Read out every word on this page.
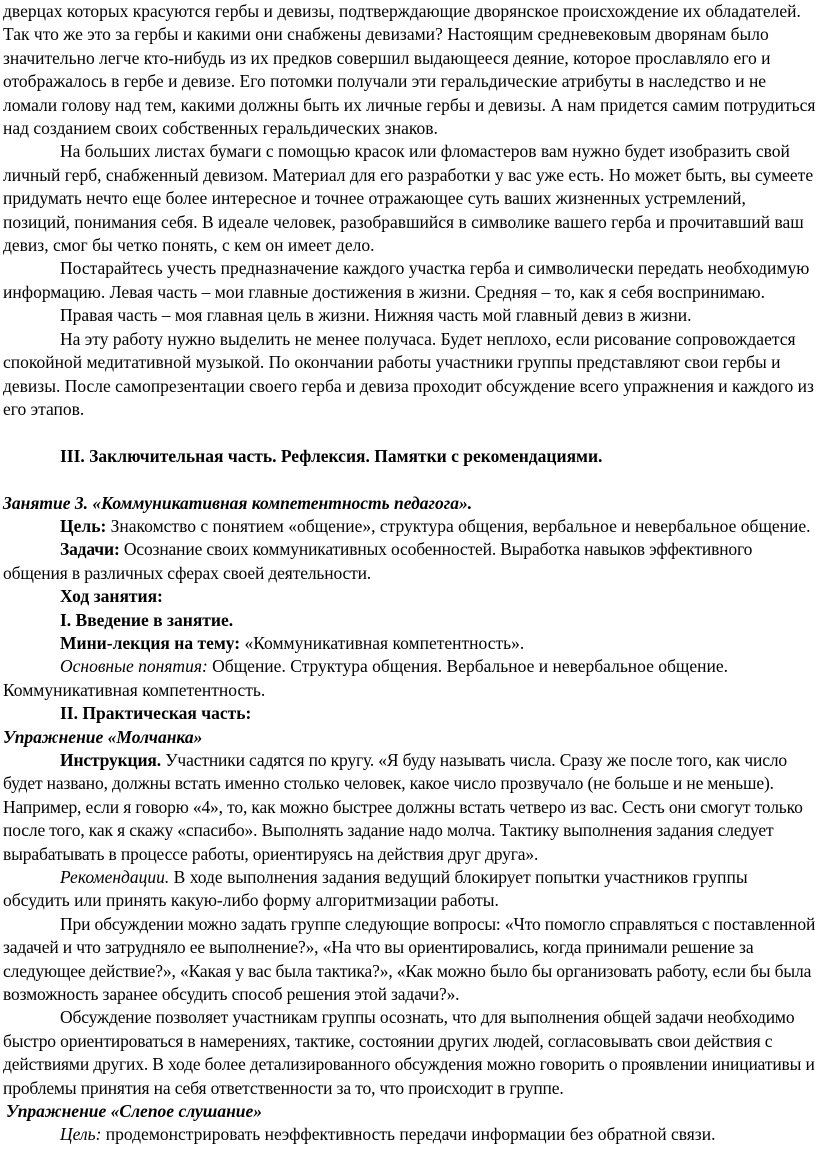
дверцах которых красуются гербы и девизы, подтверждающие дворянское происхождение их обладателей. Так что же это за гербы и какими они снабжены девизами? Настоящим средневековым дворянам было значительно легче кто-нибудь из их предков совершил выдающееся деяние, которое прославляло его и отображалось в гербе и девизе. Его потомки получали эти геральдические атрибуты в наследство и не ломали голову над тем, какими должны быть их личные гербы и девизы. А нам придется самим потрудиться над созданием своих собственных геральдических знаков.

На больших листах бумаги с помощью красок или фломастеров вам нужно будет изобразить свой личный герб, снабженный девизом. Материал для его разработки у вас уже есть. Но может быть, вы сумеете придумать нечто еще более интересное и точнее отражающее суть ваших жизненных устремлений, позиций, понимания себя. В идеале человек, разобравшийся в символике вашего герба и прочитавший ваш девиз, смог бы четко понять, с кем он имеет дело.

Постарайтесь учесть предназначение каждого участка герба и символически передать необходимую информацию. Левая часть – мои главные достижения в жизни. Средняя – то, как я себя воспринимаю.

Правая часть – моя главная цель в жизни. Нижняя часть мой главный девиз в жизни.

На эту работу нужно выделить не менее получаса. Будет неплохо, если рисование сопровождается спокойной медитативной музыкой. По окончании работы участники группы представляют свои гербы и девизы. После самопрезентации своего герба и девиза проходит обсуждение всего упражнения и каждого из его этапов.

III. Заключительная часть. Рефлексия. Памятки с рекомендациями.

Занятие 3. «Коммуникативная компетентность педагога».

Цель: Знакомство с понятием «общение», структура общения, вербальное и невербальное общение.

Задачи: Осознание своих коммуникативных особенностей. Выработка навыков эффективного общения в различных сферах своей деятельности.

Ход занятия:

I. Введение в занятие.

Мини-лекция на тему: «Коммуникативная компетентность».

Основные понятия: Общение. Структура общения. Вербальное и невербальное общение. Коммуникативная компетентность.

II. Практическая часть:

Упражнение «Молчанка»

Инструкция. Участники садятся по кругу. «Я буду называть числа. Сразу же после того, как число будет названо, должны встать именно столько человек, какое число прозвучало (не больше и не меньше). Например, если я говорю «4», то, как можно быстрее должны встать четверо из вас. Сесть они смогут только после того, как я скажу «спасибо». Выполнять задание надо молча. Тактику выполнения задания следует вырабатывать в процессе работы, ориентируясь на действия друг друга».

Рекомендации. В ходе выполнения задания ведущий блокирует попытки участников группы обсудить или принять какую-либо форму алгоритмизации работы.

При обсуждении можно задать группе следующие вопросы: «Что помогло справляться с поставленной задачей и что затрудняло ее выполнение?», «На что вы ориентировались, когда принимали решение за следующее действие?», «Какая у вас была тактика?», «Как можно было бы организовать работу, если бы была возможность заранее обсудить способ решения этой задачи?».

Обсуждение позволяет участникам группы осознать, что для выполнения общей задачи необходимо быстро ориентироваться в намерениях, тактике, состоянии других людей, согласовывать свои действия с действиями других. В ходе более детализированного обсуждения можно говорить о проявлении инициативы и проблемы принятия на себя ответственности за то, что происходит в группе.

Упражнение «Слепое слушание»

Цель: продемонстрировать неэффективность передачи информации без обратной связи.
